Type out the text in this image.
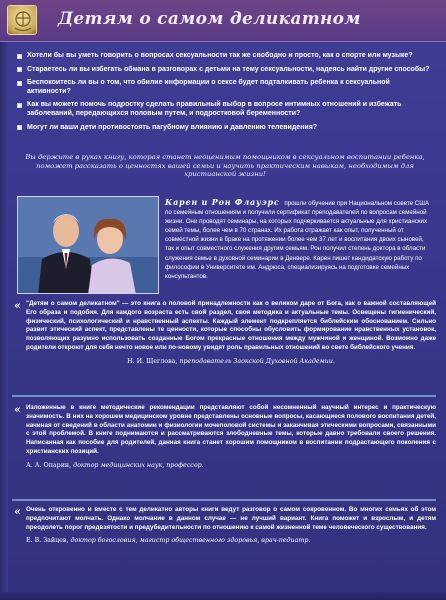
Детям о самом деликатном
Хотели бы вы уметь говорить о вопросах сексуальности так же свободно и просто, как о спорте или музыке?
Стараетесь ли вы избегать обмана в разговорах с детьми на тему сексуальности, надеясь найти другие способы?
Беспокоитесь ли вы о том, что обилие информации о сексе будет подталкивать ребенка к сексуальной активности?
Как вы можете помочь подростку сделать правильный выбор в вопросе интимных отношений и избежать заболеваний, передающихся половым путем, и подростковой беременности?
Могут ли ваши дети противостоять пагубному влиянию и давлению телевидения?
Вы держите в руках книгу, которая станет неоценимым помощником в сексуальном воспитании ребенка, поможет рассказать о ценностях вашей семьи и научить практическим навыкам, необходимым для христианской жизни!
Карен и Рон Флауэрс прошли обучение при Национальном совете США по семейным отношениям и получили сертификат преподавателей по вопросам семейной жизни. Они проводят семинары, на которых подчеркивается актуальные для христианских семей темы, более чем в 70 странах. Их работа отражает как опыт, полученный от совместной жизни в браке на протяжении более чем 37 лет и воспитания двоих сыновей, так и опыт совместного служения другим семьям. Рон получил степень доктора в области служения семье в духовной семинарии в Денвере. Карен пишет кандидатскую работу по философии в Университете им. Андрюса, специализируясь на подготовке семейных консультантов.
« "Детям о самом деликатном" — это книга о половой принадлежности как о великом даре от Бога, как о важной составляющей Его образа и подобия. Для каждого возраста есть свой раздел, своя методика и актуальные темы. Освещены гигиенический, физический, психологический и нравственный аспекты. Каждый элемент подкрепляется библейским обоснованием. Сильно развит этический аспект, представлены те ценности, которые способны обусловить формирование нравственных установок, позволяющих разумно использовать созданные Богом прекрасные отношения между мужчиной и женщиной. Возможно даже родители откроют для себя нечто новое или по-новому увидят роль правильных отношений во свете библейского учения.
Н. И. Щеглова, преподаватель Заокской Духовной Академии.
« Изложенные в книге методические рекомендации представляют собой несомненный научный интерес и практическую значимость. В них на хорошем медицинском уровне представлены основные вопросы, касающиеся полового воспитания детей, начиная от сведений в области анатомии и физиологии мочеполовой системы и заканчивая этическими вопросами, связанными с этой проблемой. В книге поднимаются и рассматриваются злободневные темы, которые давно требовали своего решения. Написанная как пособие для родителей, данная книга станет хорошим помощником в воспитании подрастающего поколения с христианских позиций.
А. А. Опарин, доктор медицинских наук, профессор.
« Очень откровенно и вместе с тем деликатно авторы книги ведут разговор о самом сокровенном. Во многих семьях об этом предпочитают молчать. Однако молчание в данном случае — не лучший вариант. Книга поможет и взрослым, и детям преодолеть порог предвзятости и предубедительности по отношению к самой жизненной теме человеческого существования.
Е. В. Зайцев, доктор богословия, магистр общественного здоровья, врач-педиатр.
